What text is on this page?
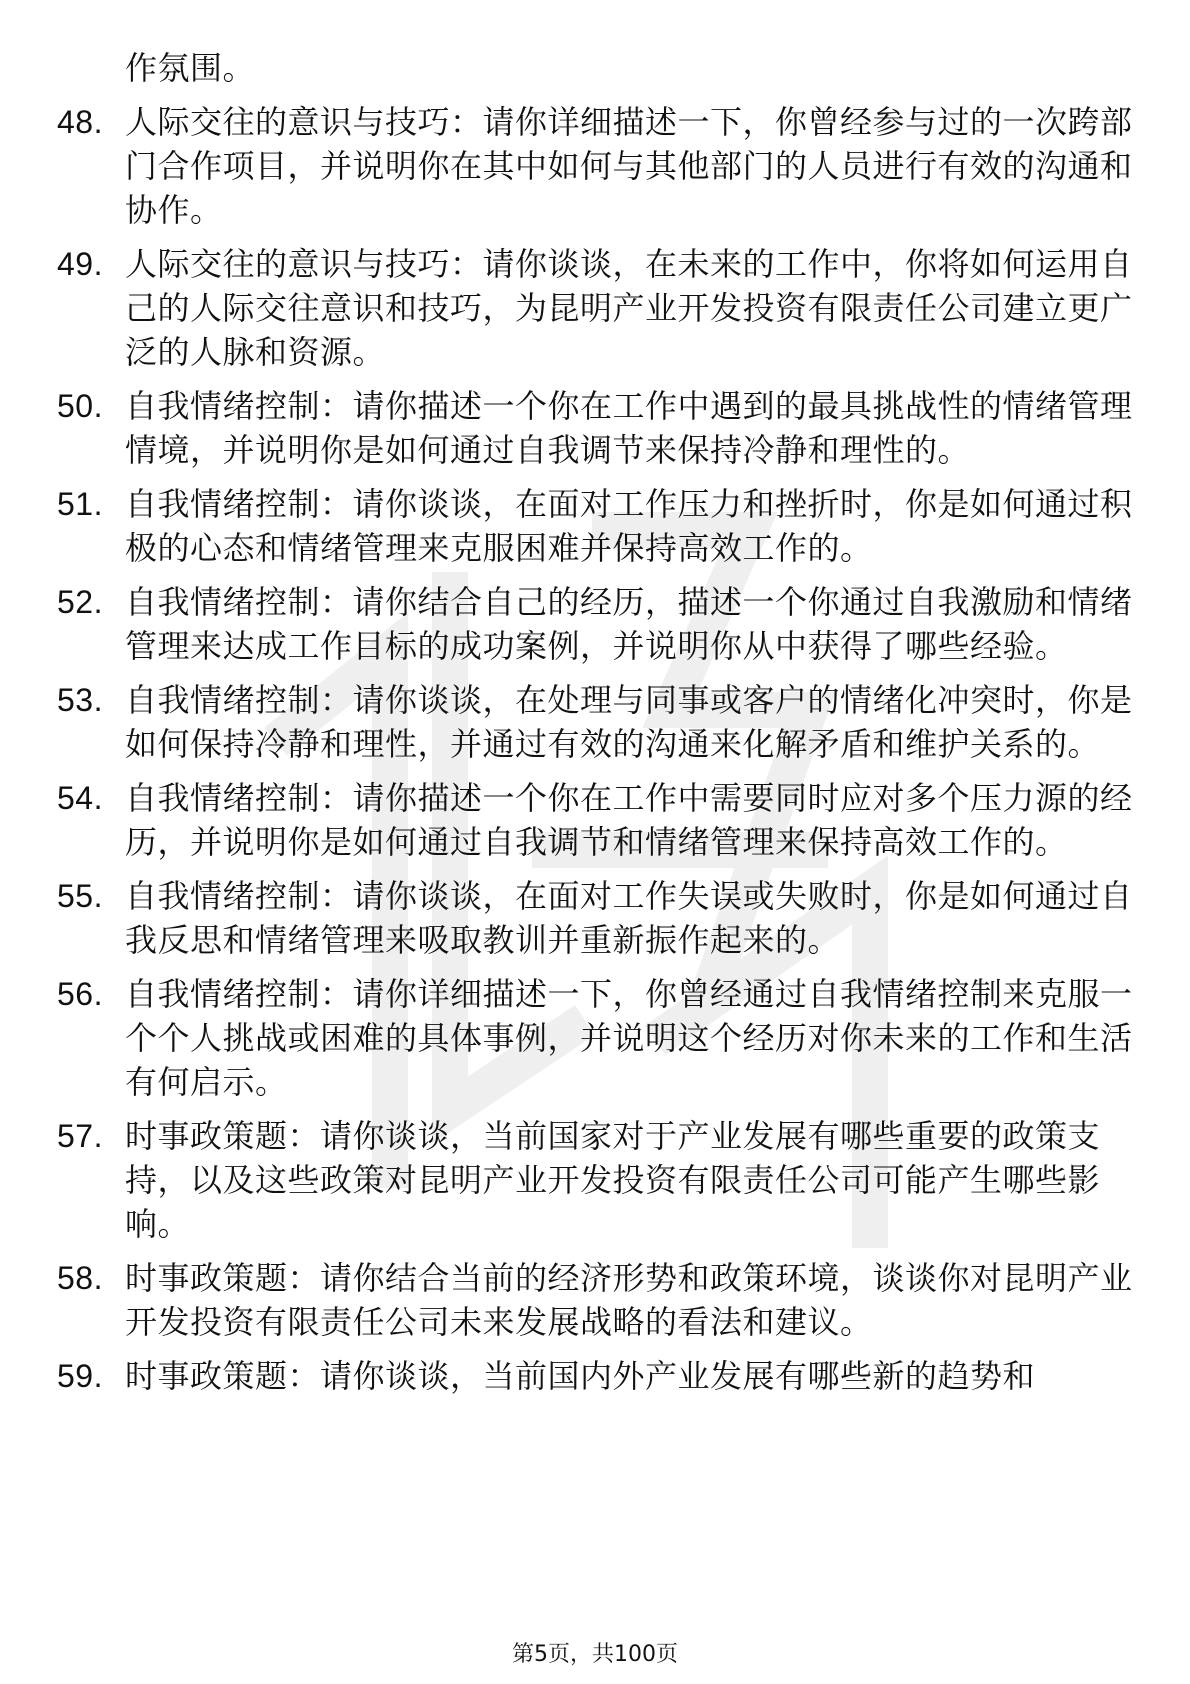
作氛围。
48. 人际交往的意识与技巧：请你详细描述一下，你曾经参与过的一次跨部门合作项目，并说明你在其中如何与其他部门的人员进行有效的沟通和协作。
49. 人际交往的意识与技巧：请你谈谈，在未来的工作中，你将如何运用自己的人际交往意识和技巧，为昆明产业开发投资有限责任公司建立更广泛的人脉和资源。
50. 自我情绪控制：请你描述一个你在工作中遇到的最具挑战性的情绪管理情境，并说明你是如何通过自我调节来保持冷静和理性的。
51. 自我情绪控制：请你谈谈，在面对工作压力和挫折时，你是如何通过积极的心态和情绪管理来克服困难并保持高效工作的。
52. 自我情绪控制：请你结合自己的经历，描述一个你通过自我激励和情绪管理来达成工作目标的成功案例，并说明你从中获得了哪些经验。
53. 自我情绪控制：请你谈谈，在处理与同事或客户的情绪化冲突时，你是如何保持冷静和理性，并通过有效的沟通来化解矛盾和维护关系的。
54. 自我情绪控制：请你描述一个你在工作中需要同时应对多个压力源的经历，并说明你是如何通过自我调节和情绪管理来保持高效工作的。
55. 自我情绪控制：请你谈谈，在面对工作失误或失败时，你是如何通过自我反思和情绪管理来吸取教训并重新振作起来的。
56. 自我情绪控制：请你详细描述一下，你曾经通过自我情绪控制来克服一个个人挑战或困难的具体事例，并说明这个经历对你未来的工作和生活有何启示。
57. 时事政策题：请你谈谈，当前国家对于产业发展有哪些重要的政策支持，以及这些政策对昆明产业开发投资有限责任公司可能产生哪些影响。
58. 时事政策题：请你结合当前的经济形势和政策环境，谈谈你对昆明产业开发投资有限责任公司未来发展战略的看法和建议。
59. 时事政策题：请你谈谈，当前国内外产业发展有哪些新的趋势和
第5页，共100页
